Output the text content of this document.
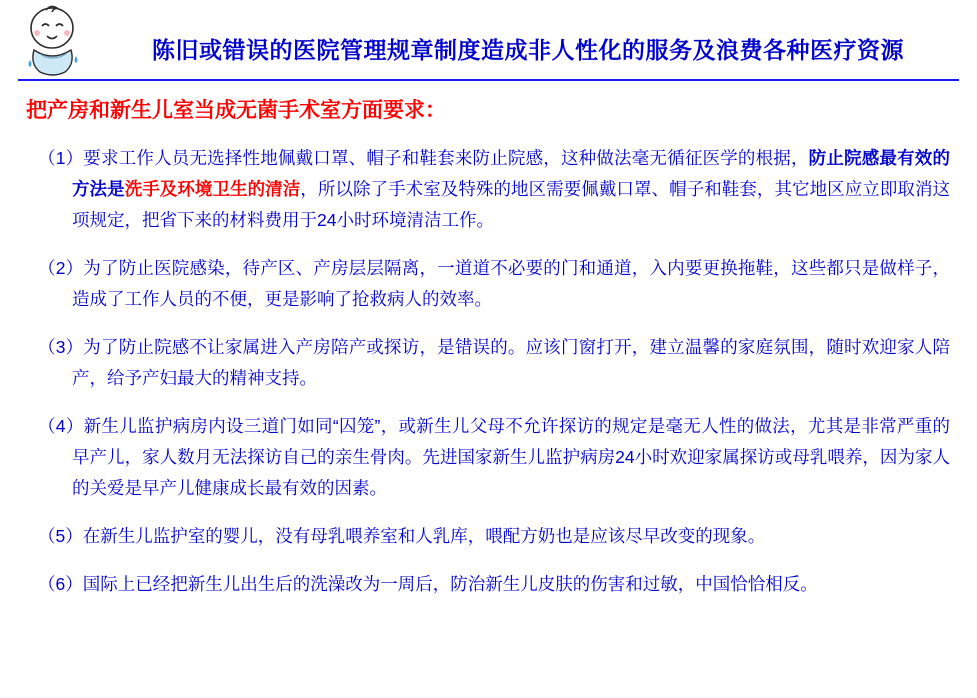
陈旧或错误的医院管理规章制度造成非人性化的服务及浪费各种医疗资源
把产房和新生儿室当成无菌手术室方面要求：
（1）要求工作人员无选择性地佩戴口罩、帽子和鞋套来防止院感，这种做法毫无循征医学的根据，防止院感最有效的方法是洗手及环境卫生的清洁，所以除了手术室及特殊的地区需要佩戴口罩、帽子和鞋套，其它地区应立即取消这项规定，把省下来的材料费用于24小时环境清洁工作。
（2）为了防止医院感染，待产区、产房层层隔离，一道道不必要的门和通道，入内要更换拖鞋，这些都只是做样子，造成了工作人员的不便，更是影响了抢救病人的效率。
（3）为了防止院感不让家属进入产房陪产或探访，是错误的。应该门窗打开，建立温馨的家庭氛围，随时欢迎家人陪产，给予产妇最大的精神支持。
（4）新生儿监护病房内设三道门如同“囚笼”，或新生儿父母不允许探访的规定是毫无人性的做法，尤其是非常严重的早产儿，家人数月无法探访自己的亲生骨肉。先进国家新生儿监护病房24小时欢迎家属探访或母乳喂养，因为家人的关爱是早产儿健康成长最有效的因素。
（5）在新生儿监护室的婴儿，没有母乳喂养室和人乳库，喂配方奶也是应该尽早改变的现象。
（6）国际上已经把新生儿出生后的洗澡改为一周后，防治新生儿皮肤的伤害和过敏，中国恰恰相反。
